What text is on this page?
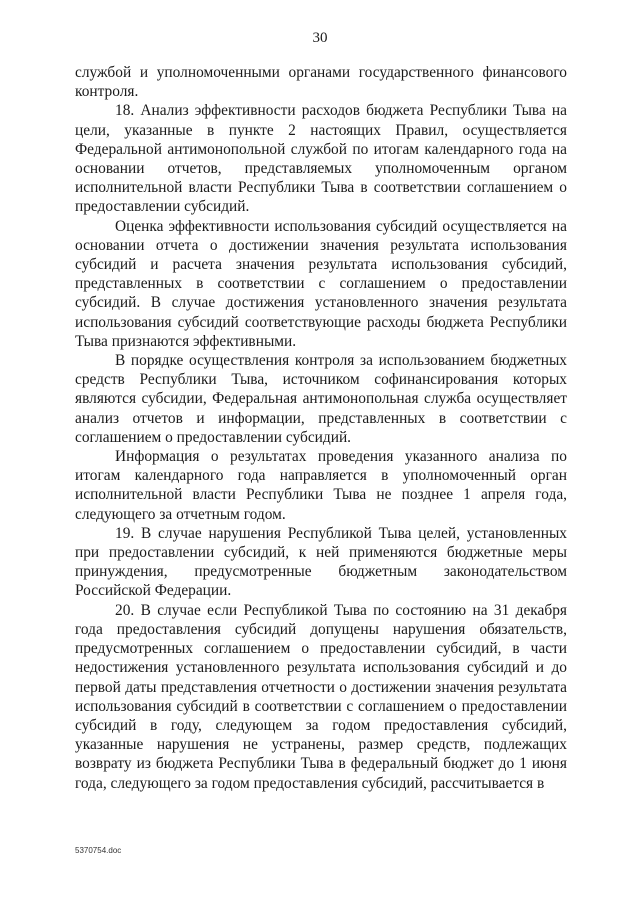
30

службой и уполномоченными органами государственного финансового контроля.

18. Анализ эффективности расходов бюджета Республики Тыва на цели, указанные в пункте 2 настоящих Правил, осуществляется Федеральной антимонопольной службой по итогам календарного года на основании отчетов, представляемых уполномоченным органом исполнительной власти Республики Тыва в соответствии соглашением о предоставлении субсидий.

Оценка эффективности использования субсидий осуществляется на основании отчета о достижении значения результата использования субсидий и расчета значения результата использования субсидий, представленных в соответствии с соглашением о предоставлении субсидий. В случае достижения установленного значения результата использования субсидий соответствующие расходы бюджета Республики Тыва признаются эффективными.

В порядке осуществления контроля за использованием бюджетных средств Республики Тыва, источником софинансирования которых являются субсидии, Федеральная антимонопольная служба осуществляет анализ отчетов и информации, представленных в соответствии с соглашением о предоставлении субсидий.

Информация о результатах проведения указанного анализа по итогам календарного года направляется в уполномоченный орган исполнительной власти Республики Тыва не позднее 1 апреля года, следующего за отчетным годом.

19. В случае нарушения Республикой Тыва целей, установленных при предоставлении субсидий, к ней применяются бюджетные меры принуждения, предусмотренные бюджетным законодательством Российской Федерации.

20. В случае если Республикой Тыва по состоянию на 31 декабря года предоставления субсидий допущены нарушения обязательств, предусмотренных соглашением о предоставлении субсидий, в части недостижения установленного результата использования субсидий и до первой даты представления отчетности о достижении значения результата использования субсидий в соответствии с соглашением о предоставлении субсидий в году, следующем за годом предоставления субсидий, указанные нарушения не устранены, размер средств, подлежащих возврату из бюджета Республики Тыва в федеральный бюджет до 1 июня года, следующего за годом предоставления субсидий, рассчитывается в

5370754.doc
